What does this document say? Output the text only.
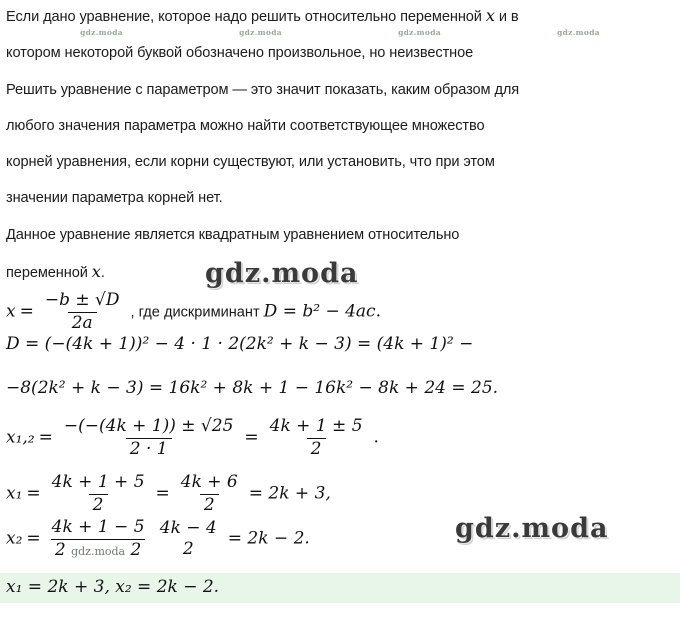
gdz.moda	gdz.moda	gdz.moda	gdz.moda
Если дано уравнение, которое надо решить относительно переменной x и в
котором некоторой буквой обозначено произвольное, но неизвестное
Решить уравнение с параметром — это значит показать, каким образом для
любого значения параметра можно найти соответствующее множество
корней уравнения, если корни существуют, или установить, что при этом
значении параметра корней нет.
Данное уравнение является квадратным уравнением относительно
переменной x.	gdz.moda
$x = \frac{-b \pm √D}{2a}$ , где дискриминант D = b² − 4ac.
D = (−(4k + 1))² − 4 · 1 · 2(2k² + k − 3) = (4k + 1)² −
−8(2k² + k − 3) = 16k² + 8k + 1 − 16k² − 8k + 24 = 25.
$x_1,_2 = \frac{-(-(4k + 1)) \pm √25}{2 \cdot 1} = \frac{4k + 1 \pm 5}{2}$ .
$x_1 = \frac{4k + 1 + 5}{2} = \frac{4k + 6}{2} = 2k + 3$,
gdz.moda
$x_2 = \frac{4k + 1 - 5}{\text{2 gdz.moda 2}}$
4k − 4
2
= 2k − 2.
x₁ = 2k + 3, x₂ = 2k − 2.
